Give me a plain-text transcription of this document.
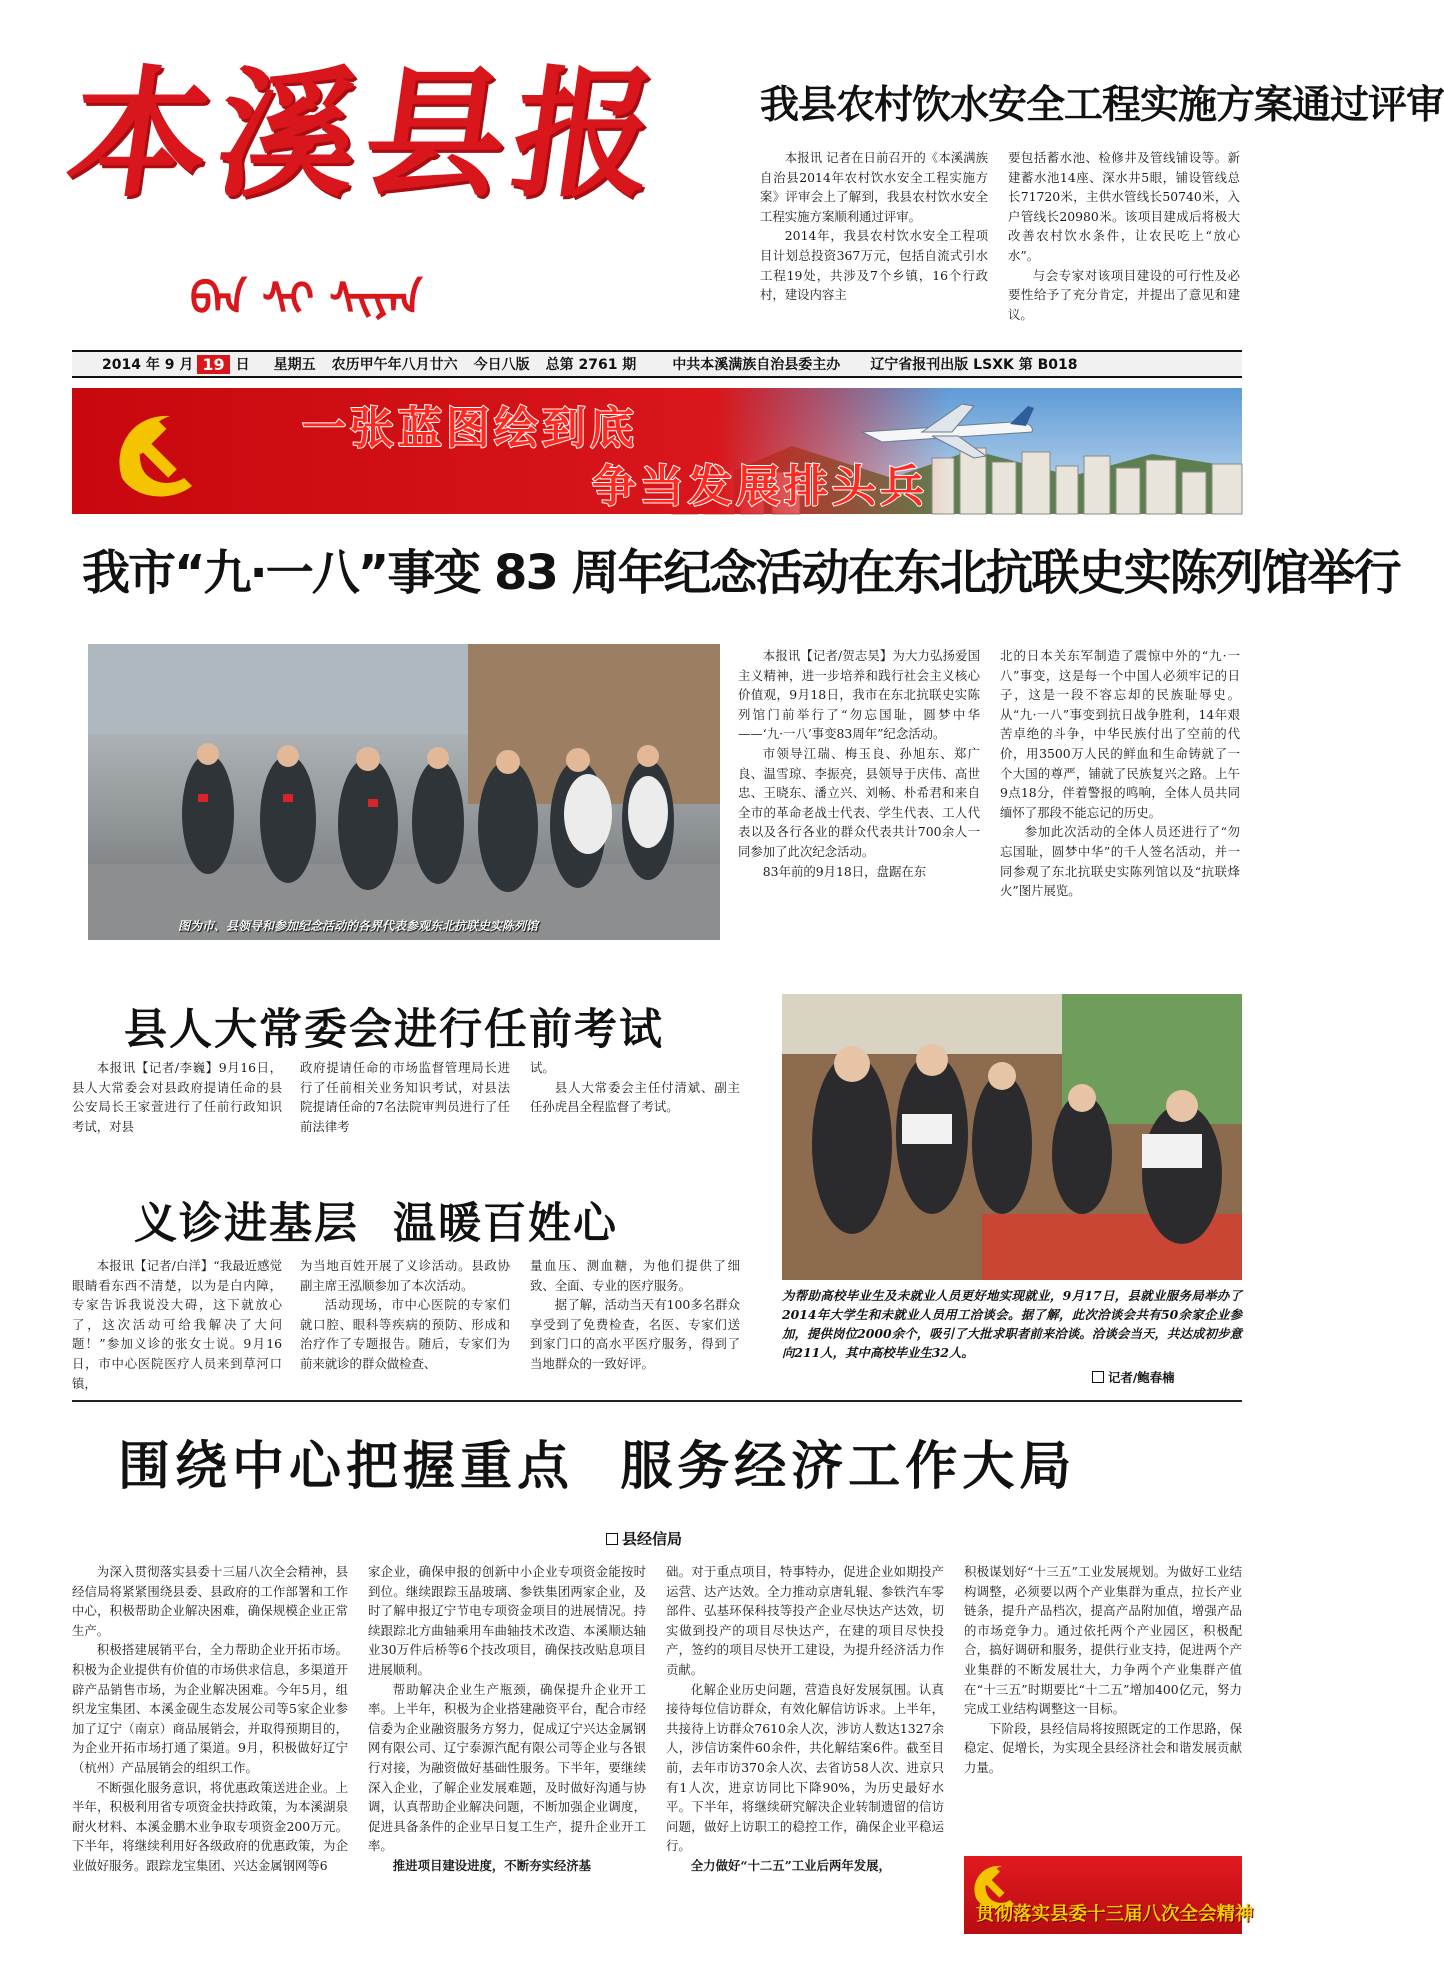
本溪县报
ᠪᠡᠨ ᠰᠢ ᠰᠢᠶᠠᠨ
我县农村饮水安全工程实施方案通过评审

本报讯 记者在日前召开的《本溪满族自治县2014年农村饮水安全工程实施方案》评审会上了解到，我县农村饮水安全工程实施方案顺利通过评审。

2014年，我县农村饮水安全工程项目计划总投资367万元，包括自流式引水工程19处，共涉及7个乡镇，16个行政村，建设内容主

要包括蓄水池、检修井及管线铺设等。新建蓄水池14座、深水井5眼，铺设管线总长71720米，主供水管线长50740米，入户管线长20980米。该项目建成后将极大改善农村饮水条件，让农民吃上“放心水”。

与会专家对该项目建设的可行性及必要性给予了充分肯定，并提出了意见和建议。

2014 年 9 月 19 日 星期五 农历甲午年八月廿六 今日八版 总第 2761 期	中共本溪满族自治县委主办 辽宁省报刊出版 LSXK 第 B018
一张蓝图绘到底
争当发展排头兵
我市“九·一八”事变 83 周年纪念活动在东北抗联史实陈列馆举行
图为市、县领导和参加纪念活动的各界代表参观东北抗联史实陈列馆

本报讯【记者/贺志昊】为大力弘扬爱国主义精神，进一步培养和践行社会主义核心价值观，9月18日，我市在东北抗联史实陈列馆门前举行了“勿忘国耻，圆梦中华——‘九·一八’事变83周年”纪念活动。

市领导江瑞、梅玉良、孙旭东、郑广良、温雪琼、李振亮，县领导于庆伟、高世忠、王晓东、潘立兴、刘畅、朴希君和来自全市的革命老战士代表、学生代表、工人代表以及各行各业的群众代表共计700余人一同参加了此次纪念活动。

83年前的9月18日，盘踞在东

北的日本关东军制造了震惊中外的“九·一八”事变，这是每一个中国人必须牢记的日子，这是一段不容忘却的民族耻辱史。从“九·一八”事变到抗日战争胜利，14年艰苦卓绝的斗争，中华民族付出了空前的代价，用3500万人民的鲜血和生命铸就了一个大国的尊严，铺就了民族复兴之路。上午9点18分，伴着警报的鸣响，全体人员共同缅怀了那段不能忘记的历史。

参加此次活动的全体人员还进行了“勿忘国耻，圆梦中华”的千人签名活动，并一同参观了东北抗联史实陈列馆以及“抗联烽火”图片展览。

县人大常委会进行任前考试

本报讯【记者/李巍】9月16日，县人大常委会对县政府提请任命的县公安局长王家萱进行了任前行政知识考试，对县

政府提请任命的市场监督管理局长进行了任前相关业务知识考试，对县法院提请任命的7名法院审判员进行了任前法律考

试。

县人大常委会主任付清斌、副主任孙虎昌全程监督了考试。

义诊进基层  温暖百姓心

本报讯【记者/白洋】“我最近感觉眼睛看东西不清楚，以为是白内障，专家告诉我说没大碍，这下就放心了，这次活动可给我解决了大问题！”参加义诊的张女士说。9月16日，市中心医院医疗人员来到草河口镇，

为当地百姓开展了义诊活动。县政协副主席王泓顺参加了本次活动。

活动现场，市中心医院的专家们就口腔、眼科等疾病的预防、形成和治疗作了专题报告。随后，专家们为前来就诊的群众做检查、

量血压、测血糖，为他们提供了细致、全面、专业的医疗服务。

据了解，活动当天有100多名群众享受到了免费检查，名医、专家们送到家门口的高水平医疗服务，得到了当地群众的一致好评。

为帮助高校毕业生及未就业人员更好地实现就业，9月17日，县就业服务局举办了2014年大学生和未就业人员用工洽谈会。据了解，此次洽谈会共有50余家企业参加，提供岗位2000余个，吸引了大批求职者前来洽谈。洽谈会当天，共达成初步意向211人，其中高校毕业生32人。
记者/鲍春楠
围绕中心把握重点  服务经济工作大局
县经信局

为深入贯彻落实县委十三届八次全会精神，县经信局将紧紧围绕县委、县政府的工作部署和工作中心，积极帮助企业解决困难，确保规模企业正常生产。

积极搭建展销平台，全力帮助企业开拓市场。积极为企业提供有价值的市场供求信息，多渠道开辟产品销售市场，为企业解决困难。今年5月，组织龙宝集团、本溪金砚生态发展公司等5家企业参加了辽宁（南京）商品展销会，并取得预期目的，为企业开拓市场打通了渠道。9月，积极做好辽宁（杭州）产品展销会的组织工作。

不断强化服务意识，将优惠政策送进企业。上半年，积极利用省专项资金扶持政策，为本溪湖泉耐火材料、本溪金鹏木业争取专项资金200万元。下半年，将继续利用好各级政府的优惠政策，为企业做好服务。跟踪龙宝集团、兴达金属钢网等6

家企业，确保申报的创新中小企业专项资金能按时到位。继续跟踪玉晶玻璃、参铁集团两家企业，及时了解申报辽宁节电专项资金项目的进展情况。持续跟踪北方曲轴乘用车曲轴技术改造、本溪顺达轴业30万件后桥等6个技改项目，确保技改贴息项目进展顺利。

帮助解决企业生产瓶颈，确保提升企业开工率。上半年，积极为企业搭建融资平台，配合市经信委为企业融资服务方努力，促成辽宁兴达金属钢网有限公司、辽宁泰源汽配有限公司等企业与各银行对接，为融资做好基础性服务。下半年，要继续深入企业，了解企业发展难题，及时做好沟通与协调，认真帮助企业解决问题，不断加强企业调度，促进具备条件的企业早日复工生产，提升企业开工率。

推进项目建设进度，不断夯实经济基

础。对于重点项目，特事特办，促进企业如期投产运营、达产达效。全力推动京唐轧辊、参铁汽车零部件、弘基环保科技等投产企业尽快达产达效，切实做到投产的项目尽快达产，在建的项目尽快投产，签约的项目尽快开工建设，为提升经济活力作贡献。

化解企业历史问题，营造良好发展氛围。认真接待每位信访群众，有效化解信访诉求。上半年，共接待上访群众7610余人次，涉访人数达1327余人，涉信访案件60余件，共化解结案6件。截至目前，去年市访370余人次、去省访58人次、进京只有1人次，进京访同比下降90%，为历史最好水平。下半年，将继续研究解决企业转制遗留的信访问题，做好上访职工的稳控工作，确保企业平稳运行。

全力做好“十二五”工业后两年发展，

积极谋划好“十三五”工业发展规划。为做好工业结构调整，必须要以两个产业集群为重点，拉长产业链条，提升产品档次，提高产品附加值，增强产品的市场竞争力。通过依托两个产业园区，积极配合，搞好调研和服务，提供行业支持，促进两个产业集群的不断发展壮大，力争两个产业集群产值在“十三五”时期要比“十二五”增加400亿元，努力完成工业结构调整这一目标。

下阶段，县经信局将按照既定的工作思路，保稳定、促增长，为实现全县经济社会和谐发展贡献力量。

贯彻落实县委十三届八次全会精神
